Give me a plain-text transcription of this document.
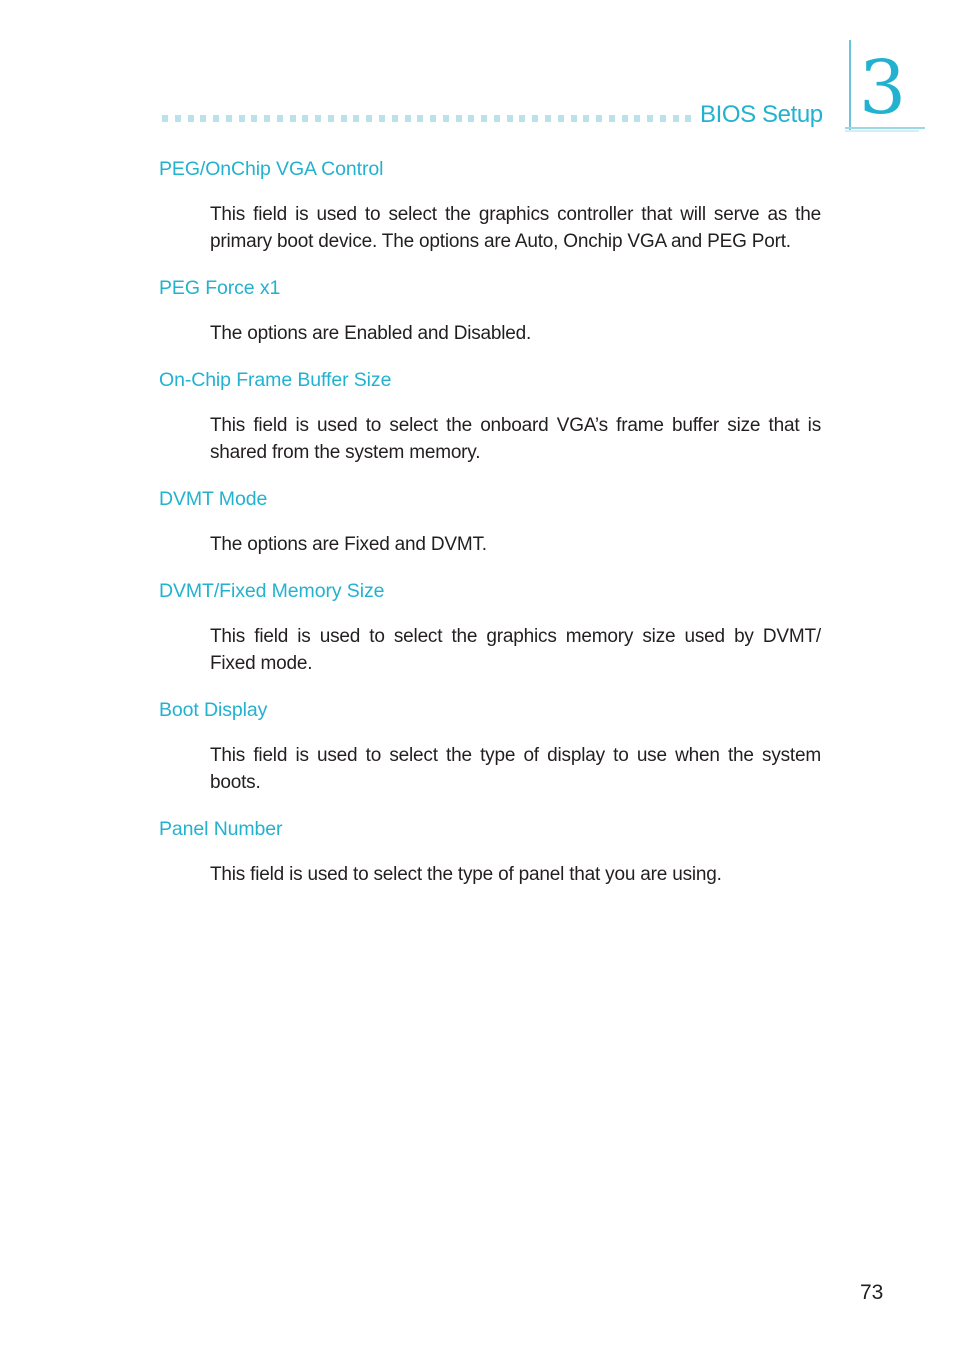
BIOS Setup 3
PEG/OnChip VGA Control
This field is used to select the graphics controller that will serve as the primary boot device. The options are Auto, Onchip VGA and PEG Port.
PEG Force x1
The options are Enabled and Disabled.
On-Chip Frame Buffer Size
This field is used to select the onboard VGA’s frame buffer size that is shared from the system memory.
DVMT Mode
The options are Fixed and DVMT.
DVMT/Fixed Memory Size
This field is used to select the graphics memory size used by DVMT/ Fixed mode.
Boot Display
This field is used to select the type of display to use when the system boots.
Panel Number
This field is used to select the type of panel that you are using.
73
